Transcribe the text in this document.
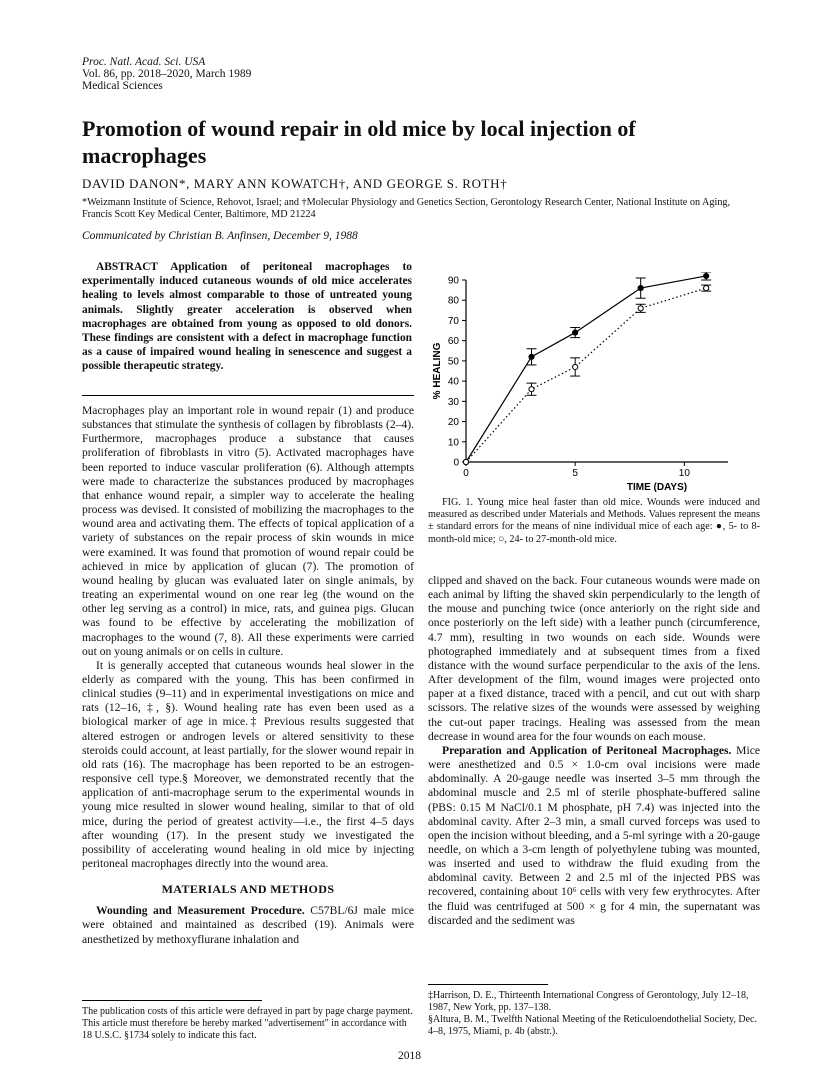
Proc. Natl. Acad. Sci. USA
Vol. 86, pp. 2018–2020, March 1989
Medical Sciences
Promotion of wound repair in old mice by local injection of macrophages
DAVID DANON*, MARY ANN KOWATCH†, AND GEORGE S. ROTH†
*Weizmann Institute of Science, Rehovot, Israel; and †Molecular Physiology and Genetics Section, Gerontology Research Center, National Institute on Aging, Francis Scott Key Medical Center, Baltimore, MD 21224
Communicated by Christian B. Anfinsen, December 9, 1988

ABSTRACT Application of peritoneal macrophages to experimentally induced cutaneous wounds of old mice accelerates healing to levels almost comparable to those of untreated young animals. Slightly greater acceleration is observed when macrophages are obtained from young as opposed to old donors. These findings are consistent with a defect in macrophage function as a cause of impaired wound healing in senescence and suggest a possible therapeutic strategy.

Macrophages play an important role in wound repair (1) and produce substances that stimulate the synthesis of collagen by fibroblasts (2–4). Furthermore, macrophages produce a substance that causes proliferation of fibroblasts in vitro (5). Activated macrophages have been reported to induce vascular proliferation (6). Although attempts were made to characterize the substances produced by macrophages that enhance wound repair, a simpler way to accelerate the healing process was devised. It consisted of mobilizing the macrophages to the wound area and activating them. The effects of topical application of a variety of substances on the repair process of skin wounds in mice were examined. It was found that promotion of wound repair could be achieved in mice by application of glucan (7). The promotion of wound healing by glucan was evaluated later on single animals, by treating an experimental wound on one rear leg (the wound on the other leg serving as a control) in mice, rats, and guinea pigs. Glucan was found to be effective by accelerating the mobilization of macrophages to the wound (7, 8). All these experiments were carried out on young animals or on cells in culture.

It is generally accepted that cutaneous wounds heal slower in the elderly as compared with the young. This has been confirmed in clinical studies (9–11) and in experimental investigations on mice and rats (12–16, ‡, §). Wound healing rate has even been used as a biological marker of age in mice.‡ Previous results suggested that altered estrogen or androgen levels or altered sensitivity to these steroids could account, at least partially, for the slower wound repair in old rats (16). The macrophage has been reported to be an estrogen-responsive cell type.§ Moreover, we demonstrated recently that the application of anti-macrophage serum to the experimental wounds in young mice resulted in slower wound healing, similar to that of old mice, during the period of greatest activity—i.e., the first 4–5 days after wounding (17). In the present study we investigated the possibility of accelerating wound healing in old mice by injecting peritoneal macrophages directly into the wound area.

MATERIALS AND METHODS

Wounding and Measurement Procedure. C57BL/6J male mice were obtained and maintained as described (19). Animals were anesthetized by methoxyflurane inhalation and

0
10
20
30
40
50
60
70
80
90
0	5	10
TIME (DAYS)
% HEALING

FIG. 1. Young mice heal faster than old mice. Wounds were induced and measured as described under Materials and Methods. Values represent the means ± standard errors for the means of nine individual mice of each age: ●, 5- to 8-month-old mice; ○, 24- to 27-month-old mice.

clipped and shaved on the back. Four cutaneous wounds were made on each animal by lifting the shaved skin perpendicularly to the length of the mouse and punching twice (once anteriorly on the right side and once posteriorly on the left side) with a leather punch (circumference, 4.7 mm), resulting in two wounds on each side. Wounds were photographed immediately and at subsequent times from a fixed distance with the wound surface perpendicular to the axis of the lens. After development of the film, wound images were projected onto paper at a fixed distance, traced with a pencil, and cut out with sharp scissors. The relative sizes of the wounds were assessed by weighing the cut-out paper tracings. Healing was assessed from the mean decrease in wound area for the four wounds on each mouse.

Preparation and Application of Peritoneal Macrophages. Mice were anesthetized and 0.5 × 1.0-cm oval incisions were made abdominally. A 20-gauge needle was inserted 3–5 mm through the abdominal muscle and 2.5 ml of sterile phosphate-buffered saline (PBS: 0.15 M NaCl/0.1 M phosphate, pH 7.4) was injected into the abdominal cavity. After 2–3 min, a small curved forceps was used to open the incision without bleeding, and a 5-ml syringe with a 20-gauge needle, on which a 3-cm length of polyethylene tubing was mounted, was inserted and used to withdraw the fluid exuding from the abdominal cavity. Between 2 and 2.5 ml of the injected PBS was recovered, containing about 10⁶ cells with very few erythrocytes. After the fluid was centrifuged at 500 × g for 4 min, the supernatant was discarded and the sediment was

The publication costs of this article were defrayed in part by page charge payment. This article must therefore be hereby marked "advertisement" in accordance with 18 U.S.C. §1734 solely to indicate this fact.

‡Harrison, D. E., Thirteenth International Congress of Gerontology, July 12–18, 1987, New York, pp. 137–138.

§Altura, B. M., Twelfth National Meeting of the Reticuloendothelial Society, Dec. 4–8, 1975, Miami, p. 4b (abstr.).

2018
